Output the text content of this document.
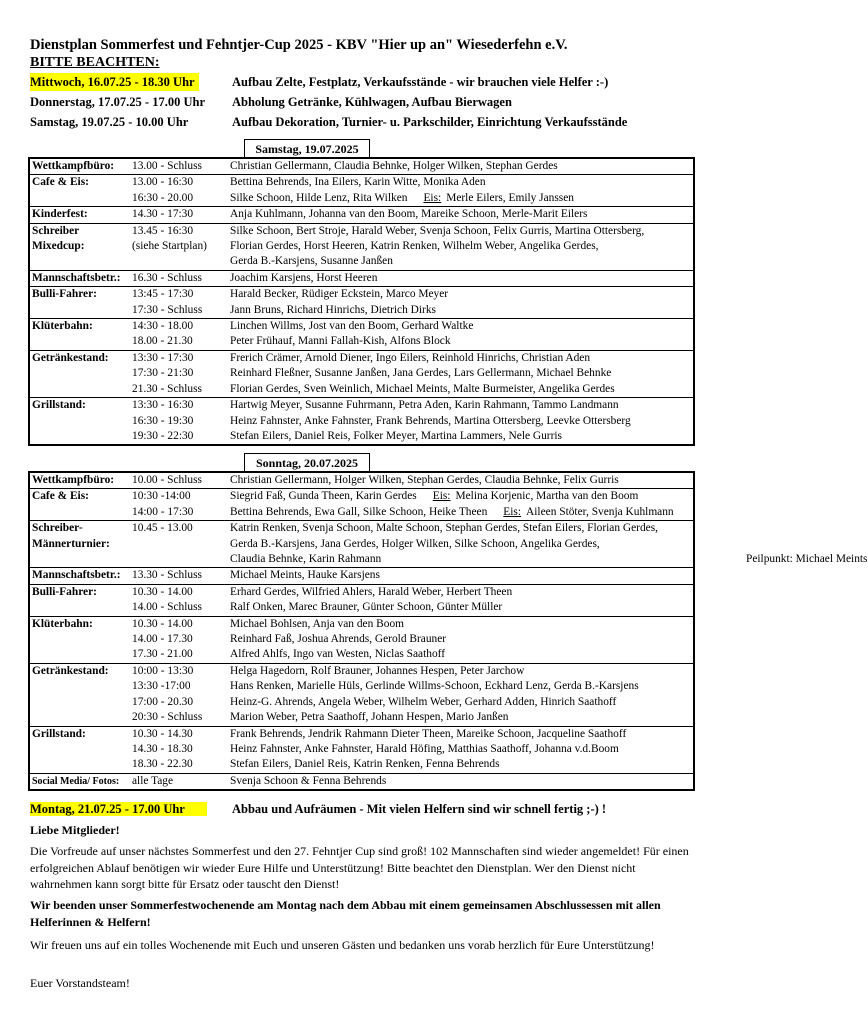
Dienstplan Sommerfest und Fehntjer-Cup 2025 - KBV "Hier up an" Wiesederfehn e.V.
BITTE BEACHTEN:
Mittwoch, 16.07.25 - 18.30 Uhr	Aufbau Zelte, Festplatz, Verkaufsstände - wir brauchen viele Helfer :-)
Donnerstag, 17.07.25 - 17.00 Uhr Abholung Getränke, Kühlwagen, Aufbau Bierwagen
Samstag, 19.07.25 - 10.00 Uhr	Aufbau Dekoration, Turnier- u. Parkschilder, Einrichtung Verkaufsstände
Samstag, 19.07.2025
Wettkampfbüro:	13.00 - Schluss	Christian Gellermann, Claudia Behnke, Holger Wilken, Stephan Gerdes
Cafe & Eis:	13.00 - 16:30	Bettina Behrends, Ina Eilers, Karin Witte, Monika Aden
	16:30 - 20.00	Silke Schoon, Hilde Lenz, Rita Wilken Eis: Merle Eilers, Emily Janssen
Kinderfest:	14.30 - 17:30	Anja Kuhlmann, Johanna van den Boom, Mareike Schoon, Merle-Marit Eilers
Schreiber	13.45 - 16:30	Silke Schoon, Bert Stroje, Harald Weber, Svenja Schoon, Felix Gurris, Martina Ottersberg,
Mixedcup:	(siehe Startplan)	Florian Gerdes, Horst Heeren, Katrin Renken, Wilhelm Weber, Angelika Gerdes,
		Gerda B.-Karsjens, Susanne Janßen
Mannschaftsbetr.:	16.30 - Schluss	Joachim Karsjens, Horst Heeren
Bulli-Fahrer:	13:45 - 17:30	Harald Becker, Rüdiger Eckstein, Marco Meyer
	17:30 - Schluss	Jann Bruns, Richard Hinrichs, Dietrich Dirks
Klüterbahn:	14:30 - 18.00	Linchen Willms, Jost van den Boom, Gerhard Waltke
	18.00 - 21.30	Peter Frühauf, Manni Fallah-Kish, Alfons Block
Getränkestand:	13:30 - 17:30	Frerich Crämer, Arnold Diener, Ingo Eilers, Reinhold Hinrichs, Christian Aden
	17:30 - 21:30	Reinhard Fleßner, Susanne Janßen, Jana Gerdes, Lars Gellermann, Michael Behnke
	21.30 - Schluss	Florian Gerdes, Sven Weinlich, Michael Meints, Malte Burmeister, Angelika Gerdes
Grillstand:	13:30 - 16:30	Hartwig Meyer, Susanne Fuhrmann, Petra Aden, Karin Rahmann, Tammo Landmann
	16:30 - 19:30	Heinz Fahnster, Anke Fahnster, Frank Behrends, Martina Ottersberg, Leevke Ottersberg
	19:30 - 22:30	Stefan Eilers, Daniel Reis, Folker Meyer, Martina Lammers, Nele Gurris
Sonntag, 20.07.2025
Wettkampfbüro:	10.00 - Schluss	Christian Gellermann, Holger Wilken, Stephan Gerdes, Claudia Behnke, Felix Gurris
Cafe & Eis:	10:30 -14:00	Siegrid Faß, Gunda Theen, Karin Gerdes Eis: Melina Korjenic, Martha van den Boom
	14:00 - 17:30	Bettina Behrends, Ewa Gall, Silke Schoon, Heike Theen Eis: Aileen Stöter, Svenja Kuhlmann
Schreiber-	10.45 - 13.00	Katrin Renken, Svenja Schoon, Malte Schoon, Stephan Gerdes, Stefan Eilers, Florian Gerdes,
Männerturnier:		Gerda B.-Karsjens, Jana Gerdes, Holger Wilken, Silke Schoon, Angelika Gerdes,
		Claudia Behnke, Karin Rahmann Peilpunkt: Michael Meints

Mannschaftsbetr.:	13.30 - Schluss	Michael Meints, Hauke Karsjens
Bulli-Fahrer:	10.30 - 14.00	Erhard Gerdes, Wilfried Ahlers, Harald Weber, Herbert Theen
	14.00 - Schluss	Ralf Onken, Marec Brauner, Günter Schoon, Günter Müller
Klüterbahn:	10.30 - 14.00	Michael Bohlsen, Anja van den Boom
	14.00 - 17.30	Reinhard Faß, Joshua Ahrends, Gerold Brauner
	17.30 - 21.00	Alfred Ahlfs, Ingo van Westen, Niclas Saathoff
Getränkestand:	10:00 - 13:30	Helga Hagedorn, Rolf Brauner, Johannes Hespen, Peter Jarchow
	13:30 -17:00	Hans Renken, Marielle Hüls, Gerlinde Willms-Schoon, Eckhard Lenz, Gerda B.-Karsjens
	17:00 - 20.30	Heinz-G. Ahrends, Angela Weber, Wilhelm Weber, Gerhard Adden, Hinrich Saathoff
	20:30 - Schluss	Marion Weber, Petra Saathoff, Johann Hespen, Mario Janßen
Grillstand:	10.30 - 14.30	Frank Behrends, Jendrik Rahmann Dieter Theen, Mareike Schoon, Jacqueline Saathoff
	14.30 - 18.30	Heinz Fahnster, Anke Fahnster, Harald Höfing, Matthias Saathoff, Johanna v.d.Boom
	18.30 - 22.30	Stefan Eilers, Daniel Reis, Katrin Renken, Fenna Behrends
Social Media/ Fotos:	alle Tage	Svenja Schoon & Fenna Behrends
Montag, 21.07.25 - 17.00 Uhr	Abbau und Aufräumen - Mit vielen Helfern sind wir schnell fertig ;-) !
Liebe Mitglieder!
Die Vorfreude auf unser nächstes Sommerfest und den 27. Fehntjer Cup sind groß! 102 Mannschaften sind wieder angemeldet! Für einen erfolgreichen Ablauf benötigen wir wieder Eure Hilfe und Unterstützung! Bitte beachtet den Dienstplan. Wer den Dienst nicht wahrnehmen kann sorgt bitte für Ersatz oder tauscht den Dienst!
Wir beenden unser Sommerfestwochenende am Montag nach dem Abbau mit einem gemeinsamen Abschlussessen mit allen Helferinnen & Helfern!
Wir freuen uns auf ein tolles Wochenende mit Euch und unseren Gästen und bedanken uns vorab herzlich für Eure Unterstützung!
Euer Vorstandsteam!
